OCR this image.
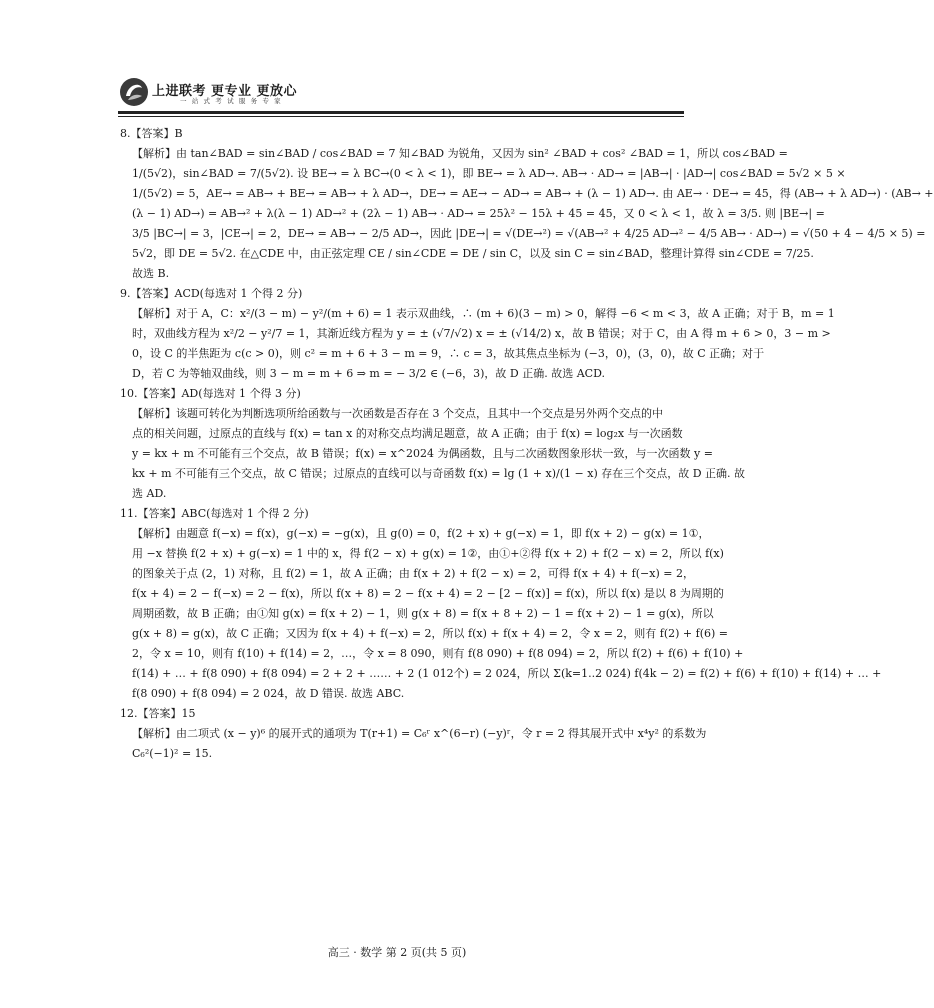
上进联考 更专业 更放心
一 站 式 考 试 服 务 专 家

8.【答案】B

【解析】由 tan∠BAD = sin∠BAD / cos∠BAD = 7 知∠BAD 为锐角，又因为 sin² ∠BAD + cos² ∠BAD = 1，所以 cos∠BAD =
1/(5√2)，sin∠BAD = 7/(5√2). 设 BE→ = λ BC→(0 < λ < 1)，即 BE→ = λ AD→. AB→ · AD→ = |AB→| · |AD→| cos∠BAD = 5√2 × 5 ×
1/(5√2) = 5，AE→ = AB→ + BE→ = AB→ + λ AD→，DE→ = AE→ − AD→ = AB→ + (λ − 1) AD→. 由 AE→ · DE→ = 45，得 (AB→ + λ AD→) · (AB→ +
(λ − 1) AD→) = AB→² + λ(λ − 1) AD→² + (2λ − 1) AB→ · AD→ = 25λ² − 15λ + 45 = 45，又 0 < λ < 1，故 λ = 3/5. 则 |BE→| =
3/5 |BC→| = 3，|CE→| = 2，DE→ = AB→ − 2/5 AD→，因此 |DE→| = √(DE→²) = √(AB→² + 4/25 AD→² − 4/5 AB→ · AD→) = √(50 + 4 − 4/5 × 5) =
5√2，即 DE = 5√2. 在△CDE 中，由正弦定理 CE / sin∠CDE = DE / sin C，以及 sin C = sin∠BAD，整理计算得 sin∠CDE = 7/25.
故选 B.

9.【答案】ACD(每选对 1 个得 2 分)

【解析】对于 A，C：x²/(3 − m) − y²/(m + 6) = 1 表示双曲线，∴ (m + 6)(3 − m) > 0，解得 −6 < m < 3，故 A 正确；对于 B，m = 1
时，双曲线方程为 x²/2 − y²/7 = 1，其渐近线方程为 y = ± (√7/√2) x = ± (√14/2) x，故 B 错误；对于 C，由 A 得 m + 6 > 0，3 − m >
0，设 C 的半焦距为 c(c > 0)，则 c² = m + 6 + 3 − m = 9，∴ c = 3，故其焦点坐标为 (−3，0)，(3，0)，故 C 正确；对于
D，若 C 为等轴双曲线，则 3 − m = m + 6 ⇒ m = − 3/2 ∈ (−6，3)，故 D 正确. 故选 ACD.

10.【答案】AD(每选对 1 个得 3 分)

【解析】该题可转化为判断选项所给函数与一次函数是否存在 3 个交点，且其中一个交点是另外两个交点的中
点的相关问题，过原点的直线与 f(x) = tan x 的对称交点均满足题意，故 A 正确；由于 f(x) = log₂x 与一次函数
y = kx + m 不可能有三个交点，故 B 错误；f(x) = x^2024 为偶函数，且与二次函数图象形状一致，与一次函数 y =
kx + m 不可能有三个交点，故 C 错误；过原点的直线可以与奇函数 f(x) = lg (1 + x)/(1 − x) 存在三个交点，故 D 正确. 故
选 AD.

11.【答案】ABC(每选对 1 个得 2 分)

【解析】由题意 f(−x) = f(x)，g(−x) = −g(x)，且 g(0) = 0，f(2 + x) + g(−x) = 1，即 f(x + 2) − g(x) = 1①，
用 −x 替换 f(2 + x) + g(−x) = 1 中的 x，得 f(2 − x) + g(x) = 1②，由①+②得 f(x + 2) + f(2 − x) = 2，所以 f(x)
的图象关于点 (2，1) 对称，且 f(2) = 1，故 A 正确；由 f(x + 2) + f(2 − x) = 2，可得 f(x + 4) + f(−x) = 2，
f(x + 4) = 2 − f(−x) = 2 − f(x)，所以 f(x + 8) = 2 − f(x + 4) = 2 − [2 − f(x)] = f(x)，所以 f(x) 是以 8 为周期的
周期函数，故 B 正确；由①知 g(x) = f(x + 2) − 1，则 g(x + 8) = f(x + 8 + 2) − 1 = f(x + 2) − 1 = g(x)，所以
g(x + 8) = g(x)，故 C 正确；又因为 f(x + 4) + f(−x) = 2，所以 f(x) + f(x + 4) = 2，令 x = 2，则有 f(2) + f(6) =
2，令 x = 10，则有 f(10) + f(14) = 2，…，令 x = 8 090，则有 f(8 090) + f(8 094) = 2，所以 f(2) + f(6) + f(10) +
f(14) + … + f(8 090) + f(8 094) = 2 + 2 + …… + 2 (1 012个) = 2 024，所以 Σ(k=1..2 024) f(4k − 2) = f(2) + f(6) + f(10) + f(14) + … +
f(8 090) + f(8 094) = 2 024，故 D 错误. 故选 ABC.

12.【答案】15

【解析】由二项式 (x − y)⁶ 的展开式的通项为 T(r+1) = C₆ʳ x^(6−r) (−y)ʳ，令 r = 2 得其展开式中 x⁴y² 的系数为
C₆²(−1)² = 15.
高三 · 数学 第 2 页(共 5 页)
